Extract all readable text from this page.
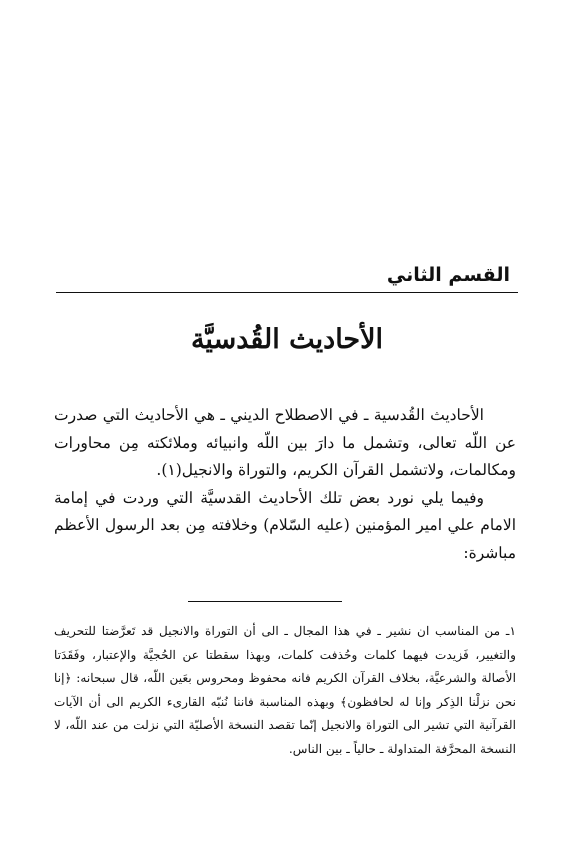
القسم الثاني
الأحاديث القُدسيَّة

الأحاديث القُدسية ـ في الاصطلاح الديني ـ هي الأحاديث التي صدرت عن اللّه تعالى، وتشمل ما دارَ بين اللّه وانبيائه وملائكته مِن محاورات ومكالمات، ولاتشمل القرآن الكريم، والتوراة والانجيل(١).

وفيما يلي نورد بعض تلك الأحاديث القدسيَّة التي وردت في إمامة الامام علي امير المؤمنين (عليه السّلام) وخلافته مِن بعد الرسول الأعظم مباشرة:

١ـ من المناسب ان نشير ـ في هذا المجال ـ الى أن التوراة والانجيل قد تَعرَّضتا للتحريف والتغيير، فَزيدت فيهما كلمات وحُذفت كلمات، وبهذا سقطتا عن الحُجيَّة والإعتبار، وفَقَدَتا الأصالة والشرعيَّة، بخلاف القرآن الكريم فانه محفوظ ومحروس بعَين اللّه، قال سبحانه: ﴿إنا نحن نزلْنا الذِكر وإنا له لحافظون﴾ وبهذه المناسبة فاننا نُنبّه القارىء الكريم الى أن الآيات القرآنية التي تشير الى التوراة والانجيل إنّما تقصد النسخة الأصليّة التي نزلت من عند اللّه، لا النسخة المحرَّفة المتداولة ـ حالياً ـ بين الناس.
